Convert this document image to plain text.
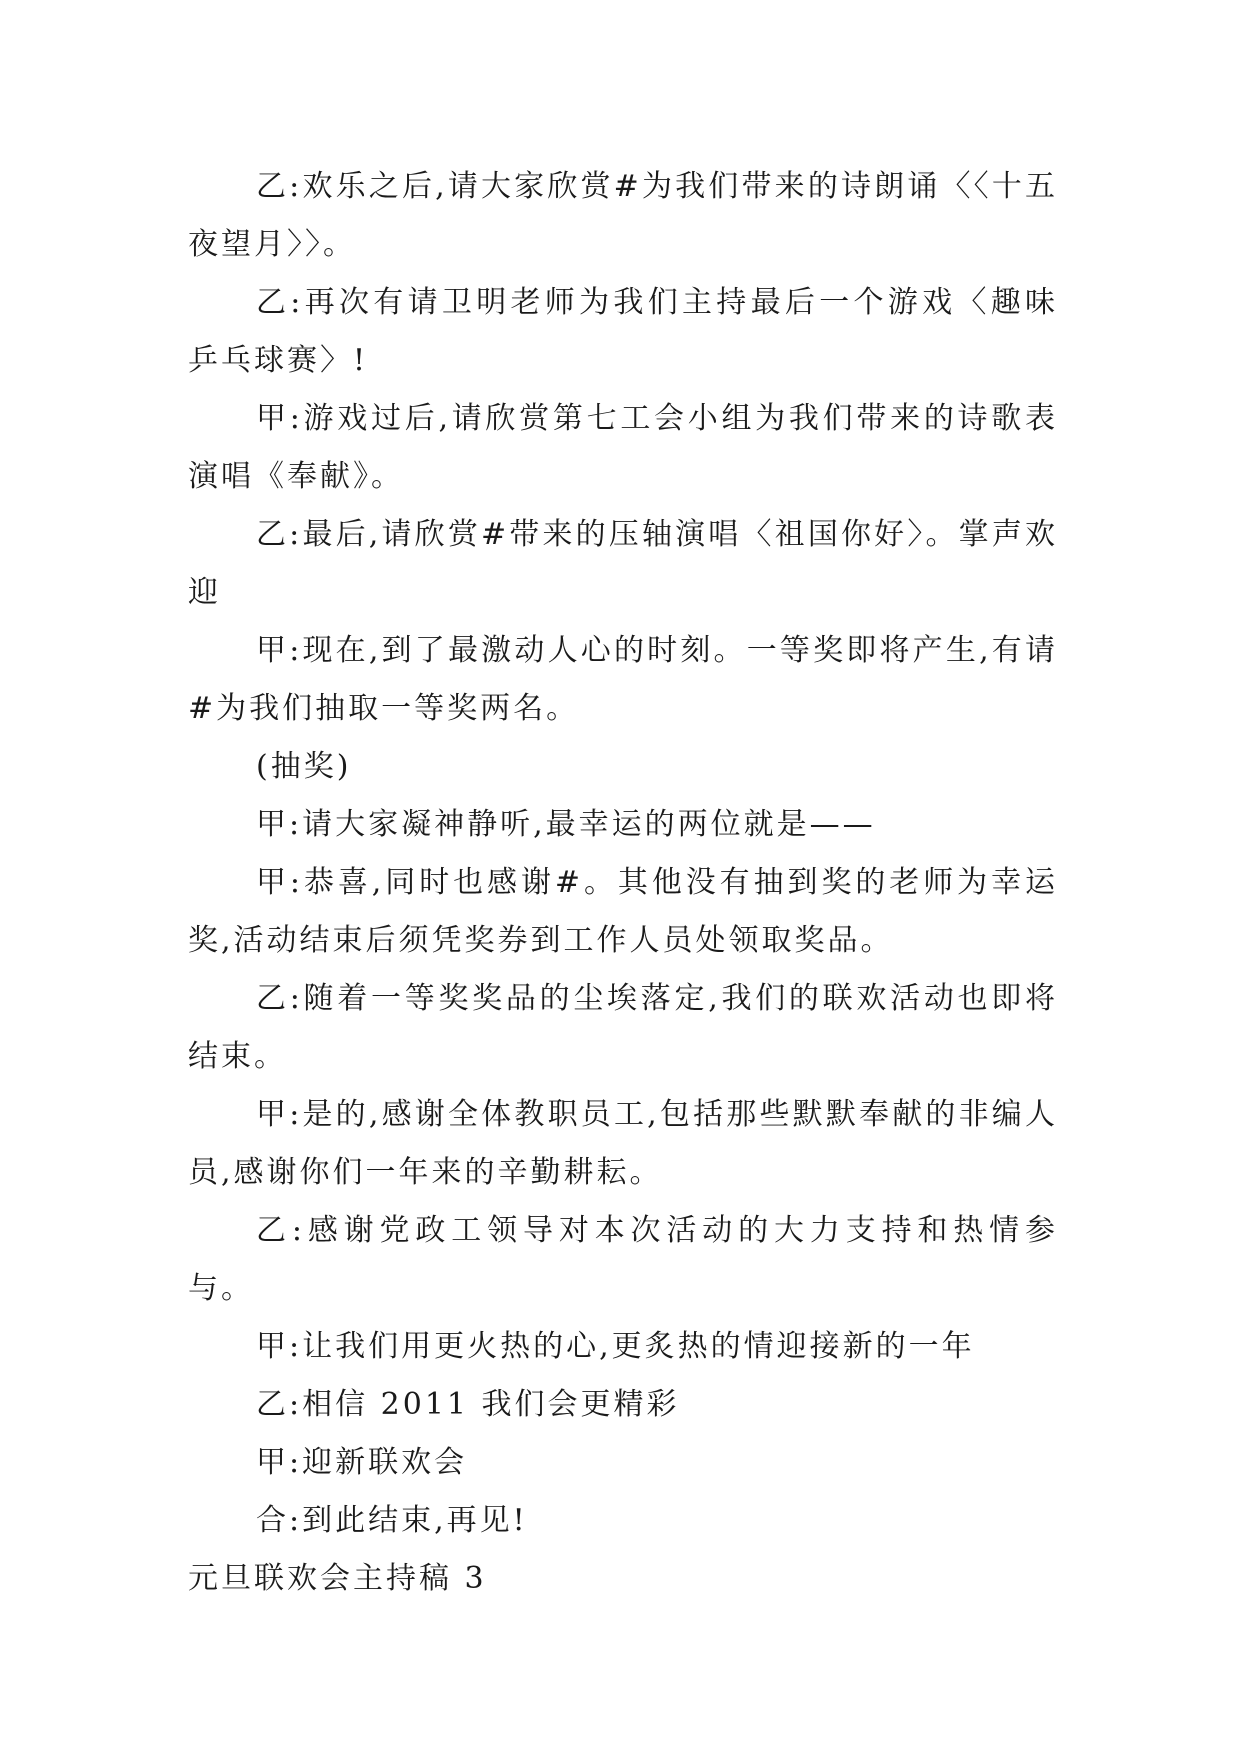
乙:欢乐之后,请大家欣赏#为我们带来的诗朗诵〈〈十五夜望月〉〉。

乙:再次有请卫明老师为我们主持最后一个游戏〈趣味乒乓球赛〉!

甲:游戏过后,请欣赏第七工会小组为我们带来的诗歌表演唱《奉献》。

乙:最后,请欣赏#带来的压轴演唱〈祖国你好〉。掌声欢迎

甲:现在,到了最激动人心的时刻。一等奖即将产生,有请#为我们抽取一等奖两名。

(抽奖)

甲:请大家凝神静听,最幸运的两位就是——

甲:恭喜,同时也感谢#。其他没有抽到奖的老师为幸运奖,活动结束后须凭奖券到工作人员处领取奖品。

乙:随着一等奖奖品的尘埃落定,我们的联欢活动也即将结束。

甲:是的,感谢全体教职员工,包括那些默默奉献的非编人员,感谢你们一年来的辛勤耕耘。

乙:感谢党政工领导对本次活动的大力支持和热情参与。

甲:让我们用更火热的心,更炙热的情迎接新的一年

乙:相信 2011 我们会更精彩

甲:迎新联欢会

合:到此结束,再见!

元旦联欢会主持稿 3
